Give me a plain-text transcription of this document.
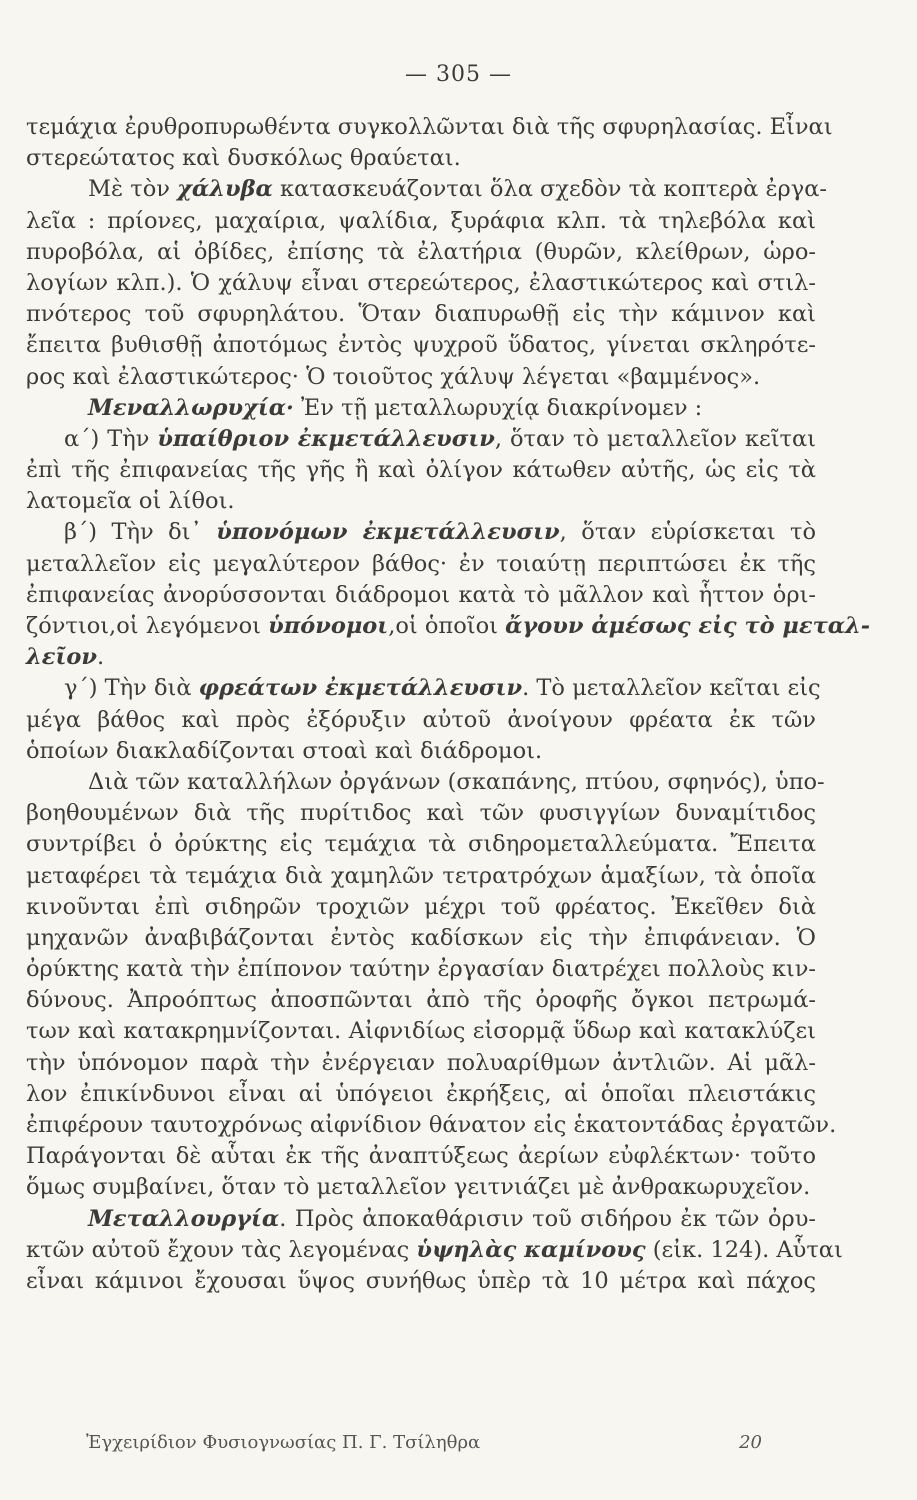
— 305 —
τεμάχια ἐρυθροπυρωθέντα συγκολλῶνται διὰ τῆς σφυρηλασίας. Εἶναι
στερεώτατος καὶ δυσκόλως θραύεται.
Μὲ τὸν χάλυβα κατασκευάζονται ὅλα σχεδὸν τὰ κοπτερὰ ἐργα-
λεῖα : πρίονες, μαχαίρια, ψαλίδια, ξυράφια κλπ. τὰ τηλεβόλα καὶ
πυροβόλα, αἱ ὀβίδες, ἐπίσης τὰ ἐλατήρια (θυρῶν, κλείθρων, ὡρο-
λογίων κλπ.). Ὁ χάλυψ εἶναι στερεώτερος, ἐλαστικώτερος καὶ στιλ-
πνότερος τοῦ σφυρηλάτου. Ὅταν διαπυρωθῇ εἰς τὴν κάμινον καὶ
ἔπειτα βυθισθῇ ἀποτόμως ἐντὸς ψυχροῦ ὕδατος, γίνεται σκληρότε-
ρος καὶ ἐλαστικώτερος· Ὁ τοιοῦτος χάλυψ λέγεται «βαμμένος».
Μεναλλωρυχία· Ἐν τῇ μεταλλωρυχίᾳ διακρίνομεν :
α΄) Τὴν ὑπαίθριον ἐκμετάλλευσιν, ὅταν τὸ μεταλλεῖον κεῖται
ἐπὶ τῆς ἐπιφανείας τῆς γῆς ἢ καὶ ὀλίγον κάτωθεν αὐτῆς, ὡς εἰς τὰ
λατομεῖα οἱ λίθοι.
β΄) Τὴν δι᾽ ὑπονόμων ἐκμετάλλευσιν, ὅταν εὑρίσκεται τὸ
μεταλλεῖον εἰς μεγαλύτερον βάθος· ἐν τοιαύτῃ περιπτώσει ἐκ τῆς
ἐπιφανείας ἀνορύσσονται διάδρομοι κατὰ τὸ μᾶλλον καὶ ἧττον ὁρι-
ζόντιοι,οἱ λεγόμενοι ὑπόνομοι,οἱ ὁποῖοι ἄγουν ἀμέσως εἰς τὸ μεταλ-
λεῖον.
γ΄) Τὴν διὰ φρεάτων ἐκμετάλλευσιν. Τὸ μεταλλεῖον κεῖται εἰς
μέγα βάθος καὶ πρὸς ἐξόρυξιν αὐτοῦ ἀνοίγουν φρέατα ἐκ τῶν
ὁποίων διακλαδίζονται στοαὶ καὶ διάδρομοι.
Διὰ τῶν καταλλήλων ὀργάνων (σκαπάνης, πτύου, σφηνός), ὑπο-
βοηθουμένων διὰ τῆς πυρίτιδος καὶ τῶν φυσιγγίων δυναμίτιδος
συντρίβει ὁ ὀρύκτης εἰς τεμάχια τὰ σιδηρομεταλλεύματα. Ἔπειτα
μεταφέρει τὰ τεμάχια διὰ χαμηλῶν τετρατρόχων ἁμαξίων, τὰ ὁποῖα
κινοῦνται ἐπὶ σιδηρῶν τροχιῶν μέχρι τοῦ φρέατος. Ἐκεῖθεν διὰ
μηχανῶν ἀναβιβάζονται ἐντὸς καδίσκων εἰς τὴν ἐπιφάνειαν. Ὁ
ὀρύκτης κατὰ τὴν ἐπίπονον ταύτην ἐργασίαν διατρέχει πολλοὺς κιν-
δύνους. Ἀπροόπτως ἀποσπῶνται ἀπὸ τῆς ὀροφῆς ὄγκοι πετρωμά-
των καὶ κατακρημνίζονται. Αἰφνιδίως εἰσορμᾷ ὕδωρ καὶ κατακλύζει
τὴν ὑπόνομον παρὰ τὴν ἐνέργειαν πολυαρίθμων ἀντλιῶν. Αἱ μᾶλ-
λον ἐπικίνδυνοι εἶναι αἱ ὑπόγειοι ἐκρήξεις, αἱ ὁποῖαι πλειστάκις
ἐπιφέρουν ταυτοχρόνως αἰφνίδιον θάνατον εἰς ἑκατοντάδας ἐργατῶν.
Παράγονται δὲ αὗται ἐκ τῆς ἀναπτύξεως ἀερίων εὐφλέκτων· τοῦτο
ὅμως συμβαίνει, ὅταν τὸ μεταλλεῖον γειτνιάζει μὲ ἀνθρακωρυχεῖον.
Μεταλλουργία. Πρὸς ἀποκαθάρισιν τοῦ σιδήρου ἐκ τῶν ὀρυ-
κτῶν αὐτοῦ ἔχουν τὰς λεγομένας ὑψηλὰς καμίνους (εἰκ. 124). Αὗται
εἶναι κάμινοι ἔχουσαι ὕψος συνήθως ὑπὲρ τὰ 10 μέτρα καὶ πάχος
Ἐγχειρίδιον Φυσιογνωσίας Π. Γ. Τσίληθρα	20
